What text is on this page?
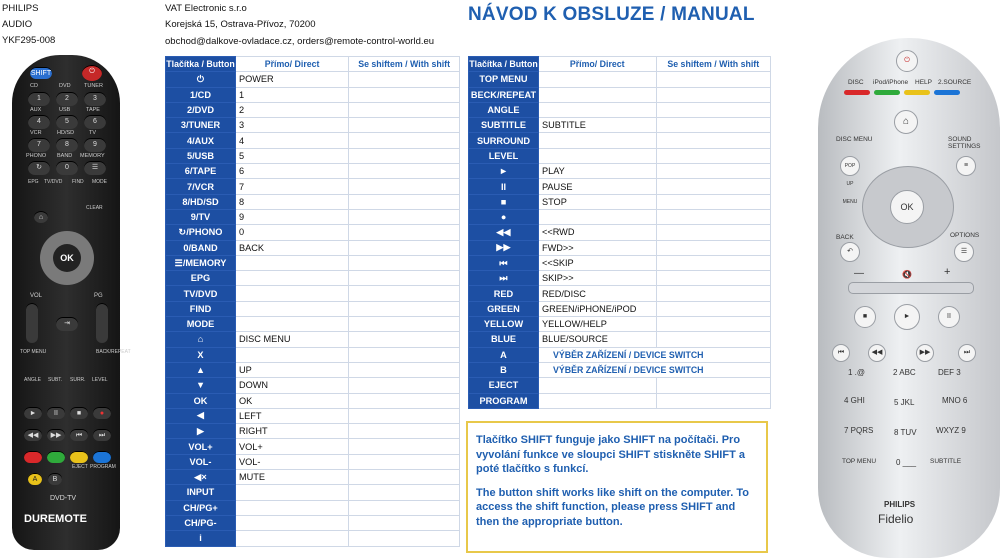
PHILIPS
AUDIO
YKF295-008
VAT Electronic s.r.o
Korejská 15, Ostrava-Přívoz, 70200
obchod@dalkove-ovladace.cz, orders@remote-control-world.eu
NÁVOD K OBSLUZE / MANUAL
Tlačítka / Button	Přímo/ Direct	Se shiftem / With shift
⏻	POWER	
1/CD	1	
2/DVD	2	
3/TUNER	3	
4/AUX	4	
5/USB	5	
6/TAPE	6	
7/VCR	7	
8/HD/SD	8	
9/TV	9	
↻/PHONO	0	
0/BAND	BACK	
☰/MEMORY		
EPG		
TV/DVD		
FIND		
MODE		
⌂	DISC MENU	
X		
▲	UP	
▼	DOWN	
OK	OK	
◀	LEFT	
▶	RIGHT	
VOL+	VOL+	
VOL-	VOL-	
◀×	MUTE	
INPUT		
CH/PG+		
CH/PG-		
i		
Tlačítka / Button	Přímo/ Direct	Se shiftem / With shift
TOP MENU		
BECK/REPEAT		
ANGLE		
SUBTITLE	SUBTITLE	
SURROUND		
LEVEL		
►	PLAY	
II	PAUSE	
■	STOP	
●		
◀◀	<<RWD	
▶▶	FWD>>	
⏮	<<SKIP	
⏭	SKIP>>	
RED	RED/DISC	
GREEN	GREEN/iPHONE/iPOD	
YELLOW	YELLOW/HELP	
BLUE	BLUE/SOURCE	
A	VÝBĚR ZAŘÍZENÍ / DEVICE SWITCH	
B	VÝBĚR ZAŘÍZENÍ / DEVICE SWITCH	
EJECT		
PROGRAM		

Tlačítko SHIFT funguje jako SHIFT na počítači. Pro vyvolání funkce ve sloupci SHIFT stiskněte SHIFT a poté tlačítko s funkcí.

The button shift works like shift on the computer. To access the shift function, please press SHIFT and then the appropriate button.

SHIFT	⏻
CD	DVD TUNER
1	2	3
AUX	USB	TAPE
4	5	6
VCR	HD/SD	TV
7	8	9
PHONO BAND MEMORY
↻	0	☰
EPG TV/DVD FIND MODE
⌂
CLEAR
OK
VOL	PG
⇥
TOP MENU	BACK/REPEAT
ANGLE SUBT. SURR. LEVEL
►	II	■	●
◀◀	▶▶	⏮	⏭
EJECT PROGRAM
A	B
DVD-TV
DUREMOTE
⏻
DISC iPod/iPhone HELP 2.SOURCE
⌂
DISC MENU	SOUND SETTINGS
POP UP MENU
≡
OK
BACK	OPTIONS
↶	☰
—	🔇	+
■	►	II
⏮	◀◀	▶▶	⏭
1 .@	2 ABC	DEF 3
4 GHI	5 JKL	MNO 6
7 PQRS	8 TUV WXYZ 9
TOP MENU 0 ___ SUBTITLE
PHILIPS
Fidelio
